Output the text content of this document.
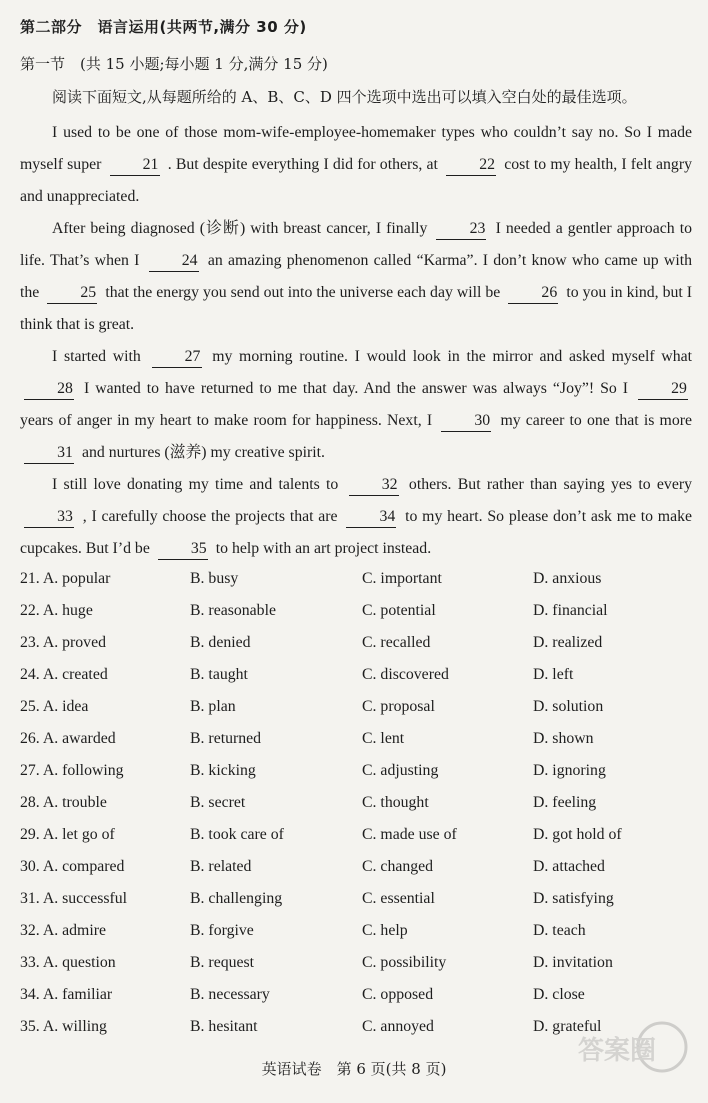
第二部分　语言运用(共两节,满分 30 分)
第一节　(共 15 小题;每小题 1 分,满分 15 分)
阅读下面短文,从每题所给的 A、B、C、D 四个选项中选出可以填入空白处的最佳选项。

I used to be one of those mom-wife-employee-homemaker types who couldn’t say no. So I made myself super	21 . But despite everything I did for others, at	22 cost to my health, I felt angry and unappreciated.

After being diagnosed (诊断) with breast cancer, I finally	23 I needed a gentler approach to life. That’s when I	24 an amazing phenomenon called “Karma”. I don’t know who came up with the	25 that the energy you send out into the universe each day will be	26 to you in kind, but I think that is great.

I started with	27 my morning routine. I would look in the mirror and asked myself what 28 I wanted to have returned to me that day. And the answer was always “Joy”! So I	29 years of anger in my heart to make room for happiness. Next, I	30 my career to one that is more 31 and nurtures (滋养) my creative spirit.

I still love donating my time and talents to	32 others. But rather than saying yes to every 33 , I carefully choose the projects that are	34 to my heart. So please don’t ask me to make cupcakes. But I’d be	35 to help with an art project instead.

21. A. popular	B. busy	C. important	D. anxious
22. A. huge	B. reasonable	C. potential	D. financial
23. A. proved	B. denied	C. recalled	D. realized
24. A. created	B. taught	C. discovered	D. left
25. A. idea	B. plan	C. proposal	D. solution
26. A. awarded	B. returned	C. lent	D. shown
27. A. following	B. kicking	C. adjusting	D. ignoring
28. A. trouble	B. secret	C. thought	D. feeling
29. A. let go of	B. took care of	C. made use of	D. got hold of
30. A. compared	B. related	C. changed	D. attached
31. A. successful	B. challenging	C. essential	D. satisfying
32. A. admire	B. forgive	C. help	D. teach
33. A. question	B. request	C. possibility	D. invitation
34. A. familiar	B. necessary	C. opposed	D. close
35. A. willing	B. hesitant	C. annoyed	D. grateful
英语试卷　第 6 页(共 8 页)
答案圈
